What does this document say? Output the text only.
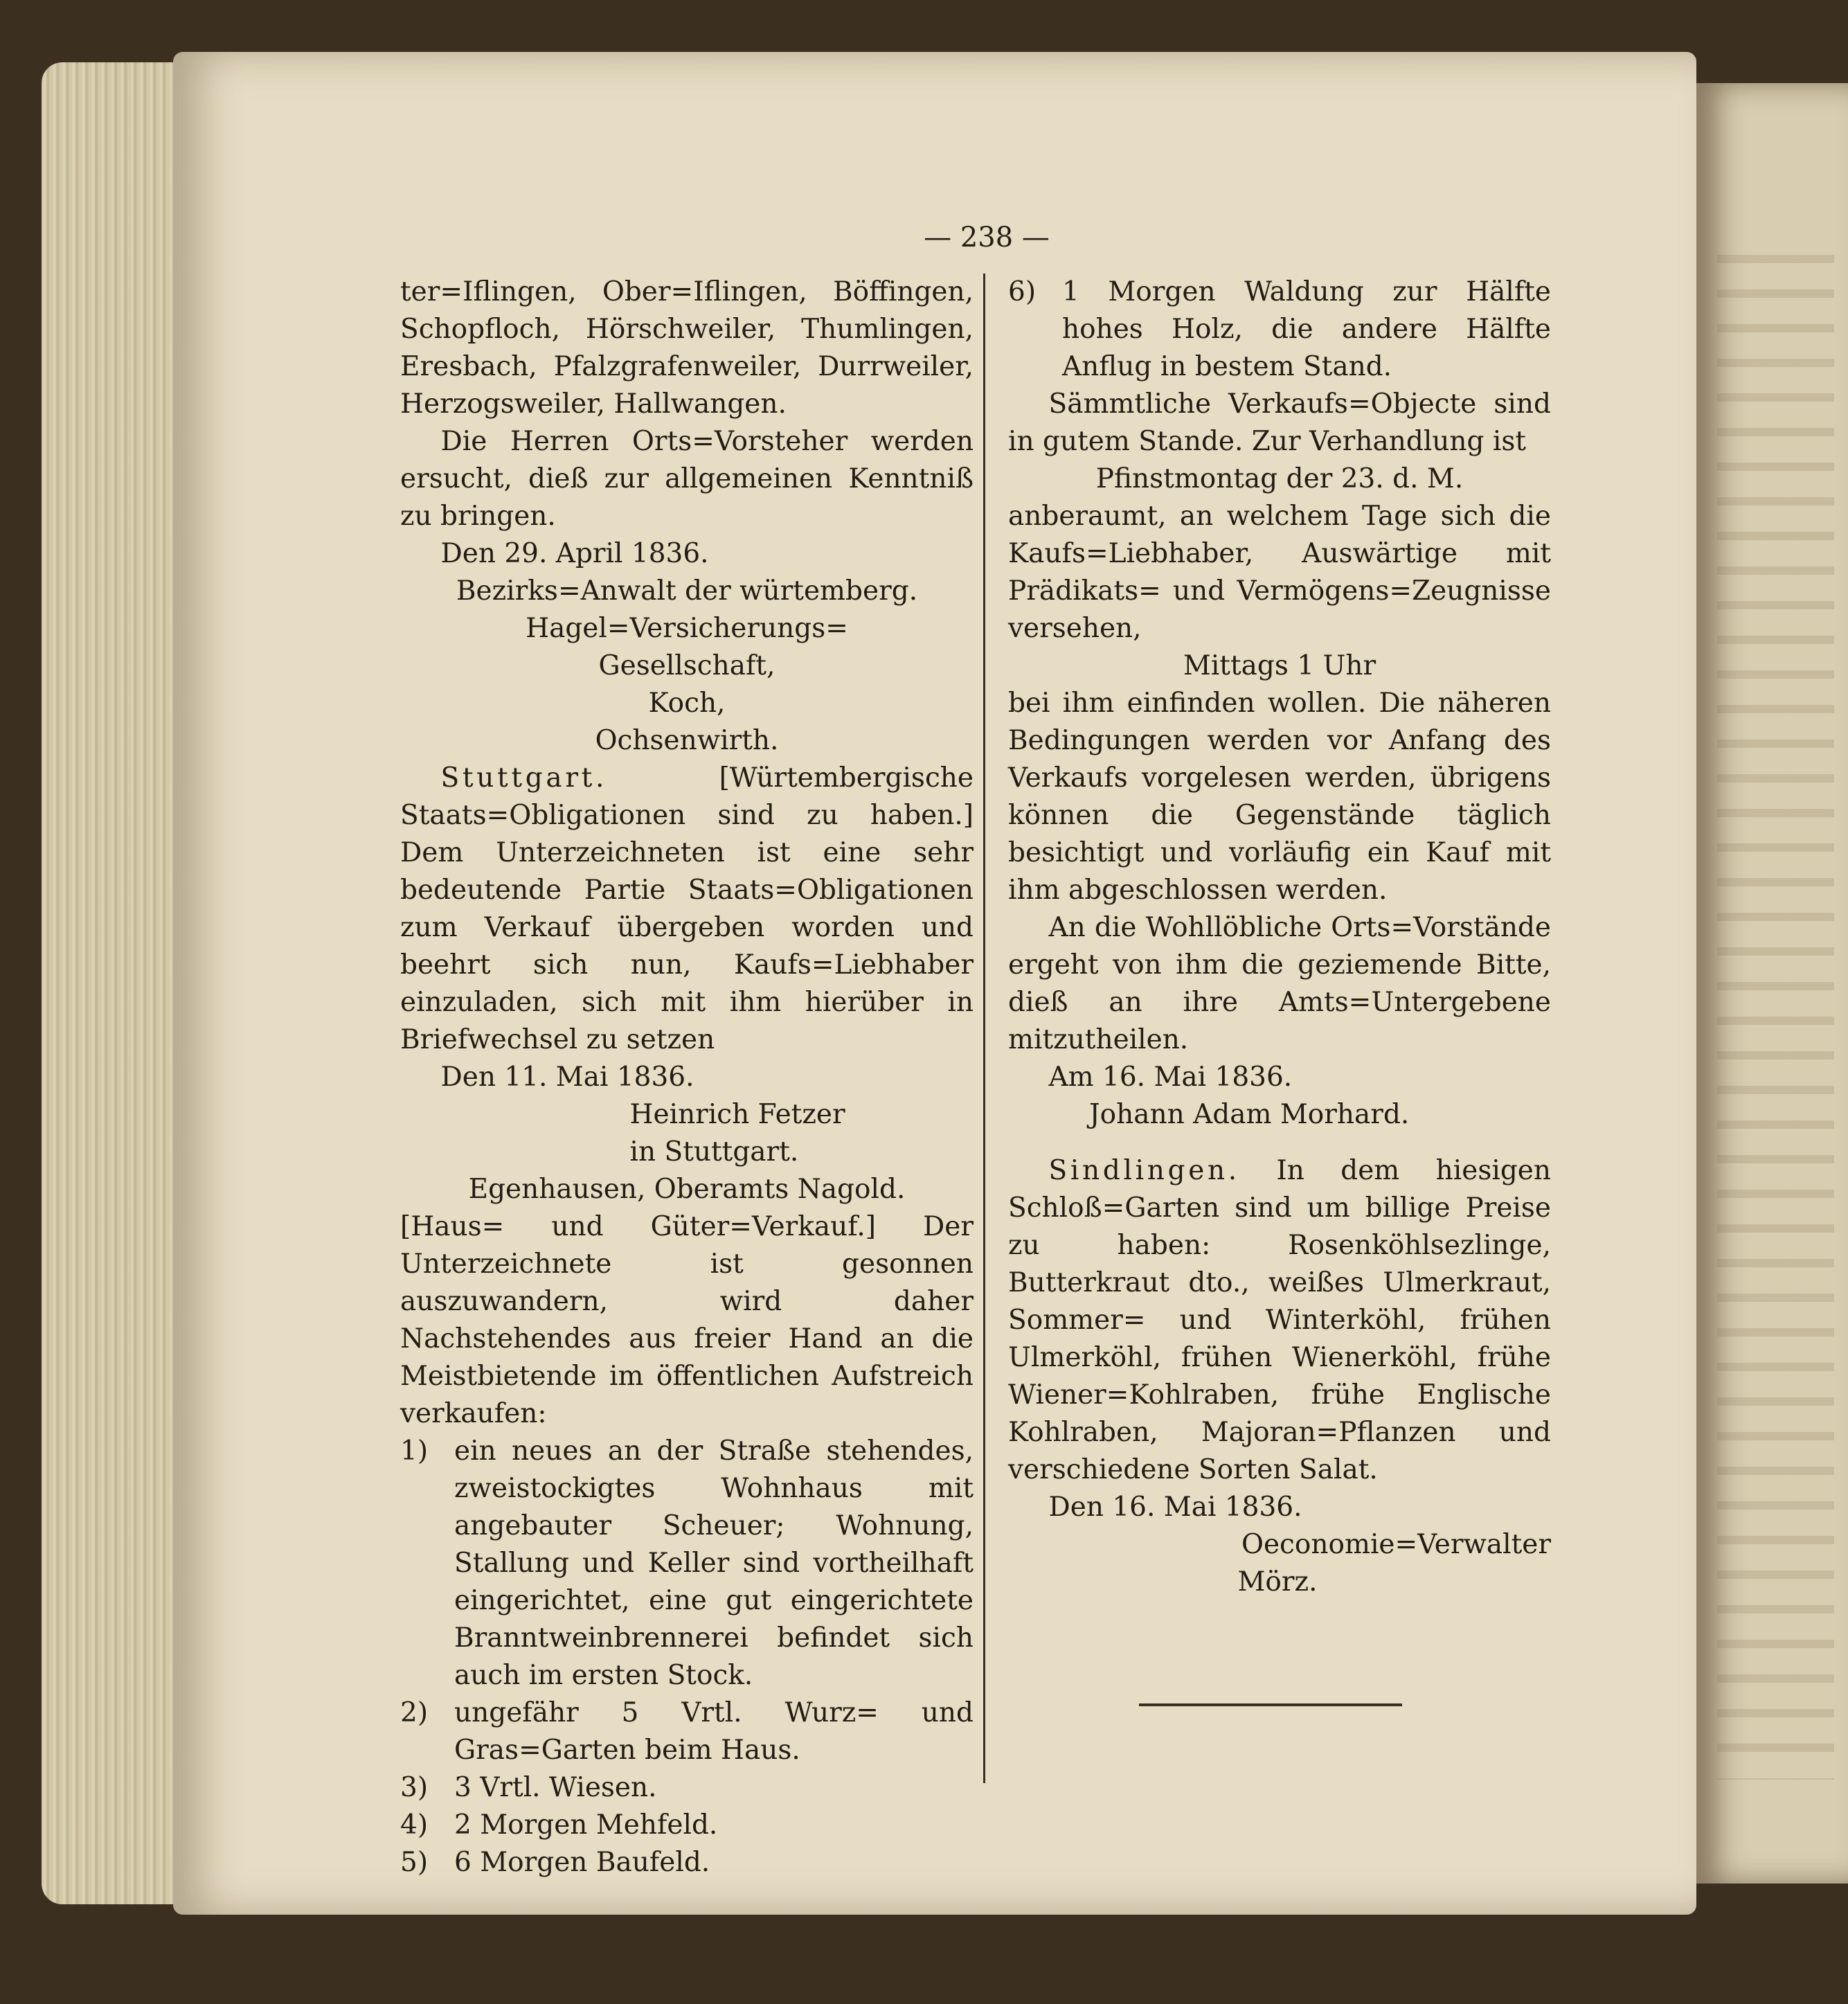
— 238 —

ter=Iflingen, Ober=Iflingen, Böffingen, Schopfloch, Hörschweiler, Thumlingen, Eresbach, Pfalzgrafenweiler, Durrweiler, Herzogsweiler, Hallwangen.

Die Herren Orts=Vorsteher werden ersucht, dieß zur allgemeinen Kenntniß zu bringen.

Den 29. April 1836.

Bezirks=Anwalt der würtemberg.

Hagel=Versicherungs=

Gesellschaft,

Koch,

Ochsenwirth.

Stuttgart.	[Würtembergische Staats=Obligationen sind zu haben.] Dem Unterzeichneten ist eine sehr bedeutende Partie Staats=Obligationen zum Verkauf übergeben worden und beehrt sich nun, Kaufs=Liebhaber einzuladen, sich mit ihm hierüber in Briefwechsel zu setzen

Den 11. Mai 1836.

Heinrich Fetzer

in Stuttgart.

Egenhausen, Oberamts Nagold.

[Haus= und Güter=Verkauf.] Der Unterzeichnete ist gesonnen auszuwandern, wird daher Nachstehendes aus freier Hand an die Meistbietende im öffentlichen Aufstreich verkaufen:

1) ein neues an der Straße stehendes, zweistockigtes Wohnhaus mit angebauter Scheuer; Wohnung, Stallung und Keller sind vortheilhaft eingerichtet, eine gut eingerichtete Branntweinbrennerei befindet sich auch im ersten Stock.
2) ungefähr 5 Vrtl. Wurz= und Gras=Garten beim Haus.
3) 3 Vrtl. Wiesen.
4) 2 Morgen Mehfeld.
5) 6 Morgen Baufeld.
6) 1 Morgen Waldung zur Hälfte hohes Holz, die andere Hälfte Anflug in bestem Stand.

Sämmtliche Verkaufs=Objecte sind in gutem Stande. Zur Verhandlung ist

Pfinstmontag der 23. d. M.

anberaumt, an welchem Tage sich die Kaufs=Liebhaber, Auswärtige mit Prädikats= und Vermögens=Zeugnisse versehen,

Mittags 1 Uhr

bei ihm einfinden wollen. Die näheren Bedingungen werden vor Anfang des Verkaufs vorgelesen werden, übrigens können die Gegenstände täglich besichtigt und vorläufig ein Kauf mit ihm abgeschlossen werden.

An die Wohllöbliche Orts=Vorstände ergeht von ihm die geziemende Bitte, dieß an ihre Amts=Untergebene mitzutheilen.

Am 16. Mai 1836.

Johann Adam Morhard.

Sindlingen. In dem hiesigen Schloß=Garten sind um billige Preise zu haben: Rosenköhlsezlinge, Butterkraut dto., weißes Ulmerkraut, Sommer= und Winterköhl, frühen Ulmerköhl, frühen Wienerköhl, frühe Wiener=Kohlraben, frühe Englische Kohlraben, Majoran=Pflanzen und verschiedene Sorten Salat.

Den 16. Mai 1836.

Oeconomie=Verwalter

Mörz.
